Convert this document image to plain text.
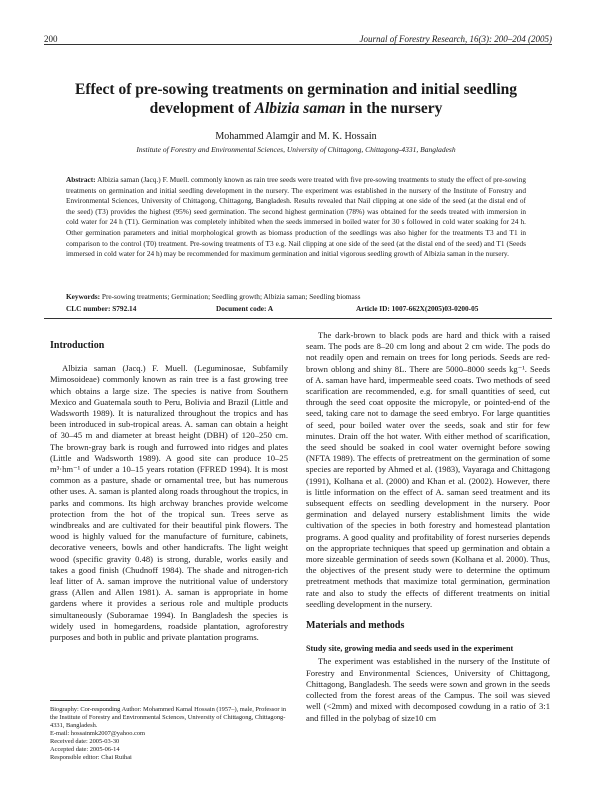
200	Journal of Forestry Research, 16(3): 200–204 (2005)
Effect of pre-sowing treatments on germination and initial seedling
development of Albizia saman in the nursery
Mohammed Alamgir and M. K. Hossain
Institute of Forestry and Environmental Sciences, University of Chittagong, Chittagong-4331, Bangladesh
Abstract: Albizia saman (Jacq.) F. Muell. commonly known as rain tree seeds were treated with five pre-sowing treatments to study the effect of pre-sowing treatments on germination and initial seedling development in the nursery. The experiment was established in the nursery of the Institute of Forestry and Environmental Sciences, University of Chittagong, Chittagong, Bangladesh. Results revealed that Nail clipping at one side of the seed (at the distal end of the seed) (T3) provides the highest (95%) seed germination. The second highest germination (78%) was obtained for the seeds treated with immersion in cold water for 24 h (T1). Germination was completely inhibited when the seeds immersed in boiled water for 30 s followed in cold water soaking for 24 h. Other germination parameters and initial morphological growth as biomass production of the seedlings was also higher for the treatments T3 and T1 in comparison to the control (T0) treatment. Pre-sowing treatments of T3 e.g. Nail clipping at one side of the seed (at the distal end of the seed) and T1 (Seeds immersed in cold water for 24 h) may be recommended for maximum germination and initial vigorous seedling growth of Albizia saman in the nursery.
Keywords: Pre-sowing treatments; Germination; Seedling growth; Albizia saman; Seedling biomass
CLC number: S792.14	Document code: A	Article ID: 1007-662X(2005)03-0200-05
Introduction

Albizia saman (Jacq.) F. Muell. (Leguminosae, Subfamily Mimosoideae) commonly known as rain tree is a fast growing tree which obtains a large size. The species is native from Southern Mexico and Guatemala south to Peru, Bolivia and Brazil (Little and Wadsworth 1989). It is naturalized throughout the tropics and has been introduced in sub-tropical areas. A. saman can obtain a height of 30–45 m and diameter at breast height (DBH) of 120–250 cm. The brown-gray bark is rough and furrowed into ridges and plates (Little and Wadsworth 1989). A good site can produce 10–25 m³·hm⁻¹ of under a 10–15 years rotation (FFRED 1994). It is most common as a pasture, shade or ornamental tree, but has numerous other uses. A. saman is planted along roads throughout the tropics, in parks and commons. Its high archway branches provide welcome protection from the hot of the tropical sun. Trees serve as windbreaks and are cultivated for their beautiful pink flowers. The wood is highly valued for the manufacture of furniture, cabinets, decorative veneers, bowls and other handicrafts. The light weight wood (specific gravity 0.48) is strong, durable, works easily and takes a good finish (Chudnoff 1984). The shade and nitrogen-rich leaf litter of A. saman improve the nutritional value of understory grass (Allen and Allen 1981). A. saman is appropriate in home gardens where it provides a serious role and multiple products simultaneously (Suboramae 1994). In Bangladesh the species is widely used in homegardens, roadside plantation, agroforestry purposes and both in public and private plantation programs.

Biography: Cor-responding Author: Mohammed Kamal Hossain (1957–), male, Professor in the Institute of Forestry and Environmental Sciences, University of Chittagong, Chittagong-4331, Bangladesh.
E-mail: hossainmk2007@yahoo.com
Received date: 2005-03-30
Accepted date: 2005-06-14
Responsible editor: Chai Ruihai

The dark-brown to black pods are hard and thick with a raised seam. The pods are 8–20 cm long and about 2 cm wide. The pods do not readily open and remain on trees for long periods. Seeds are red-brown oblong and shiny 8L. There are 5000–8000 seeds kg⁻¹. Seeds of A. saman have hard, impermeable seed coats. Two methods of seed scarification are recommended, e.g. for small quantities of seed, cut through the seed coat opposite the micropyle, or pointed-end of the seed, taking care not to damage the seed embryo. For large quantities of seed, pour boiled water over the seeds, soak and stir for few minutes. Drain off the hot water. With either method of scarification, the seed should be soaked in cool water overnight before sowing (NFTA 1989). The effects of pretreatment on the germination of some species are reported by Ahmed et al. (1983), Vayaraga and Chittagong (1991), Kolhana et al. (2000) and Khan et al. (2002). However, there is little information on the effect of A. saman seed treatment and its subsequent effects on seedling development in the nursery. Poor germination and delayed nursery establishment limits the wide cultivation of the species in both forestry and homestead plantation programs. A good quality and profitability of forest nurseries depends on the appropriate techniques that speed up germination and obtain a more sizeable germination of seeds sown (Kolhana et al. 2000). Thus, the objectives of the present study were to determine the optimum pretreatment methods that maximize total germination, germination rate and also to study the effects of different treatments on initial seedling development in the nursery.

Materials and methods
Study site, growing media and seeds used in the experiment

The experiment was established in the nursery of the Institute of Forestry and Environmental Sciences, University of Chittagong, Chittagong, Bangladesh. The seeds were sown and grown in the seeds collected from the forest areas of the Campus. The soil was sieved well (<2mm) and mixed with decomposed cowdung in a ratio of 3:1 and filled in the polybag of size10 cm
